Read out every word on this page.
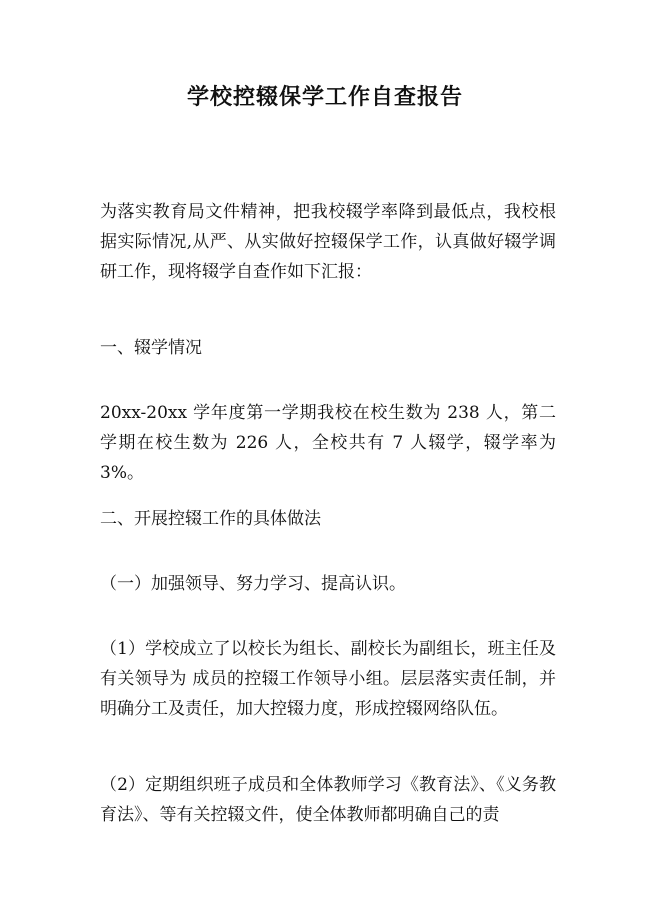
学校控辍保学工作自查报告
为落实教育局文件精神，把我校辍学率降到最低点，我校根据实际情况,从严、从实做好控辍保学工作，认真做好辍学调研工作，现将辍学自查作如下汇报：
一、辍学情况
20xx-20xx 学年度第一学期我校在校生数为 238 人，第二学期在校生数为 226 人，全校共有 7 人辍学，辍学率为 3%。
二、开展控辍工作的具体做法
（一）加强领导、努力学习、提高认识。
（1）学校成立了以校长为组长、副校长为副组长，班主任及有关领导为 成员的控辍工作领导小组。层层落实责任制，并明确分工及责任，加大控辍力度，形成控辍网络队伍。
（2）定期组织班子成员和全体教师学习《教育法》、《义务教育法》、等有关控辍文件，使全体教师都明确自己的责
